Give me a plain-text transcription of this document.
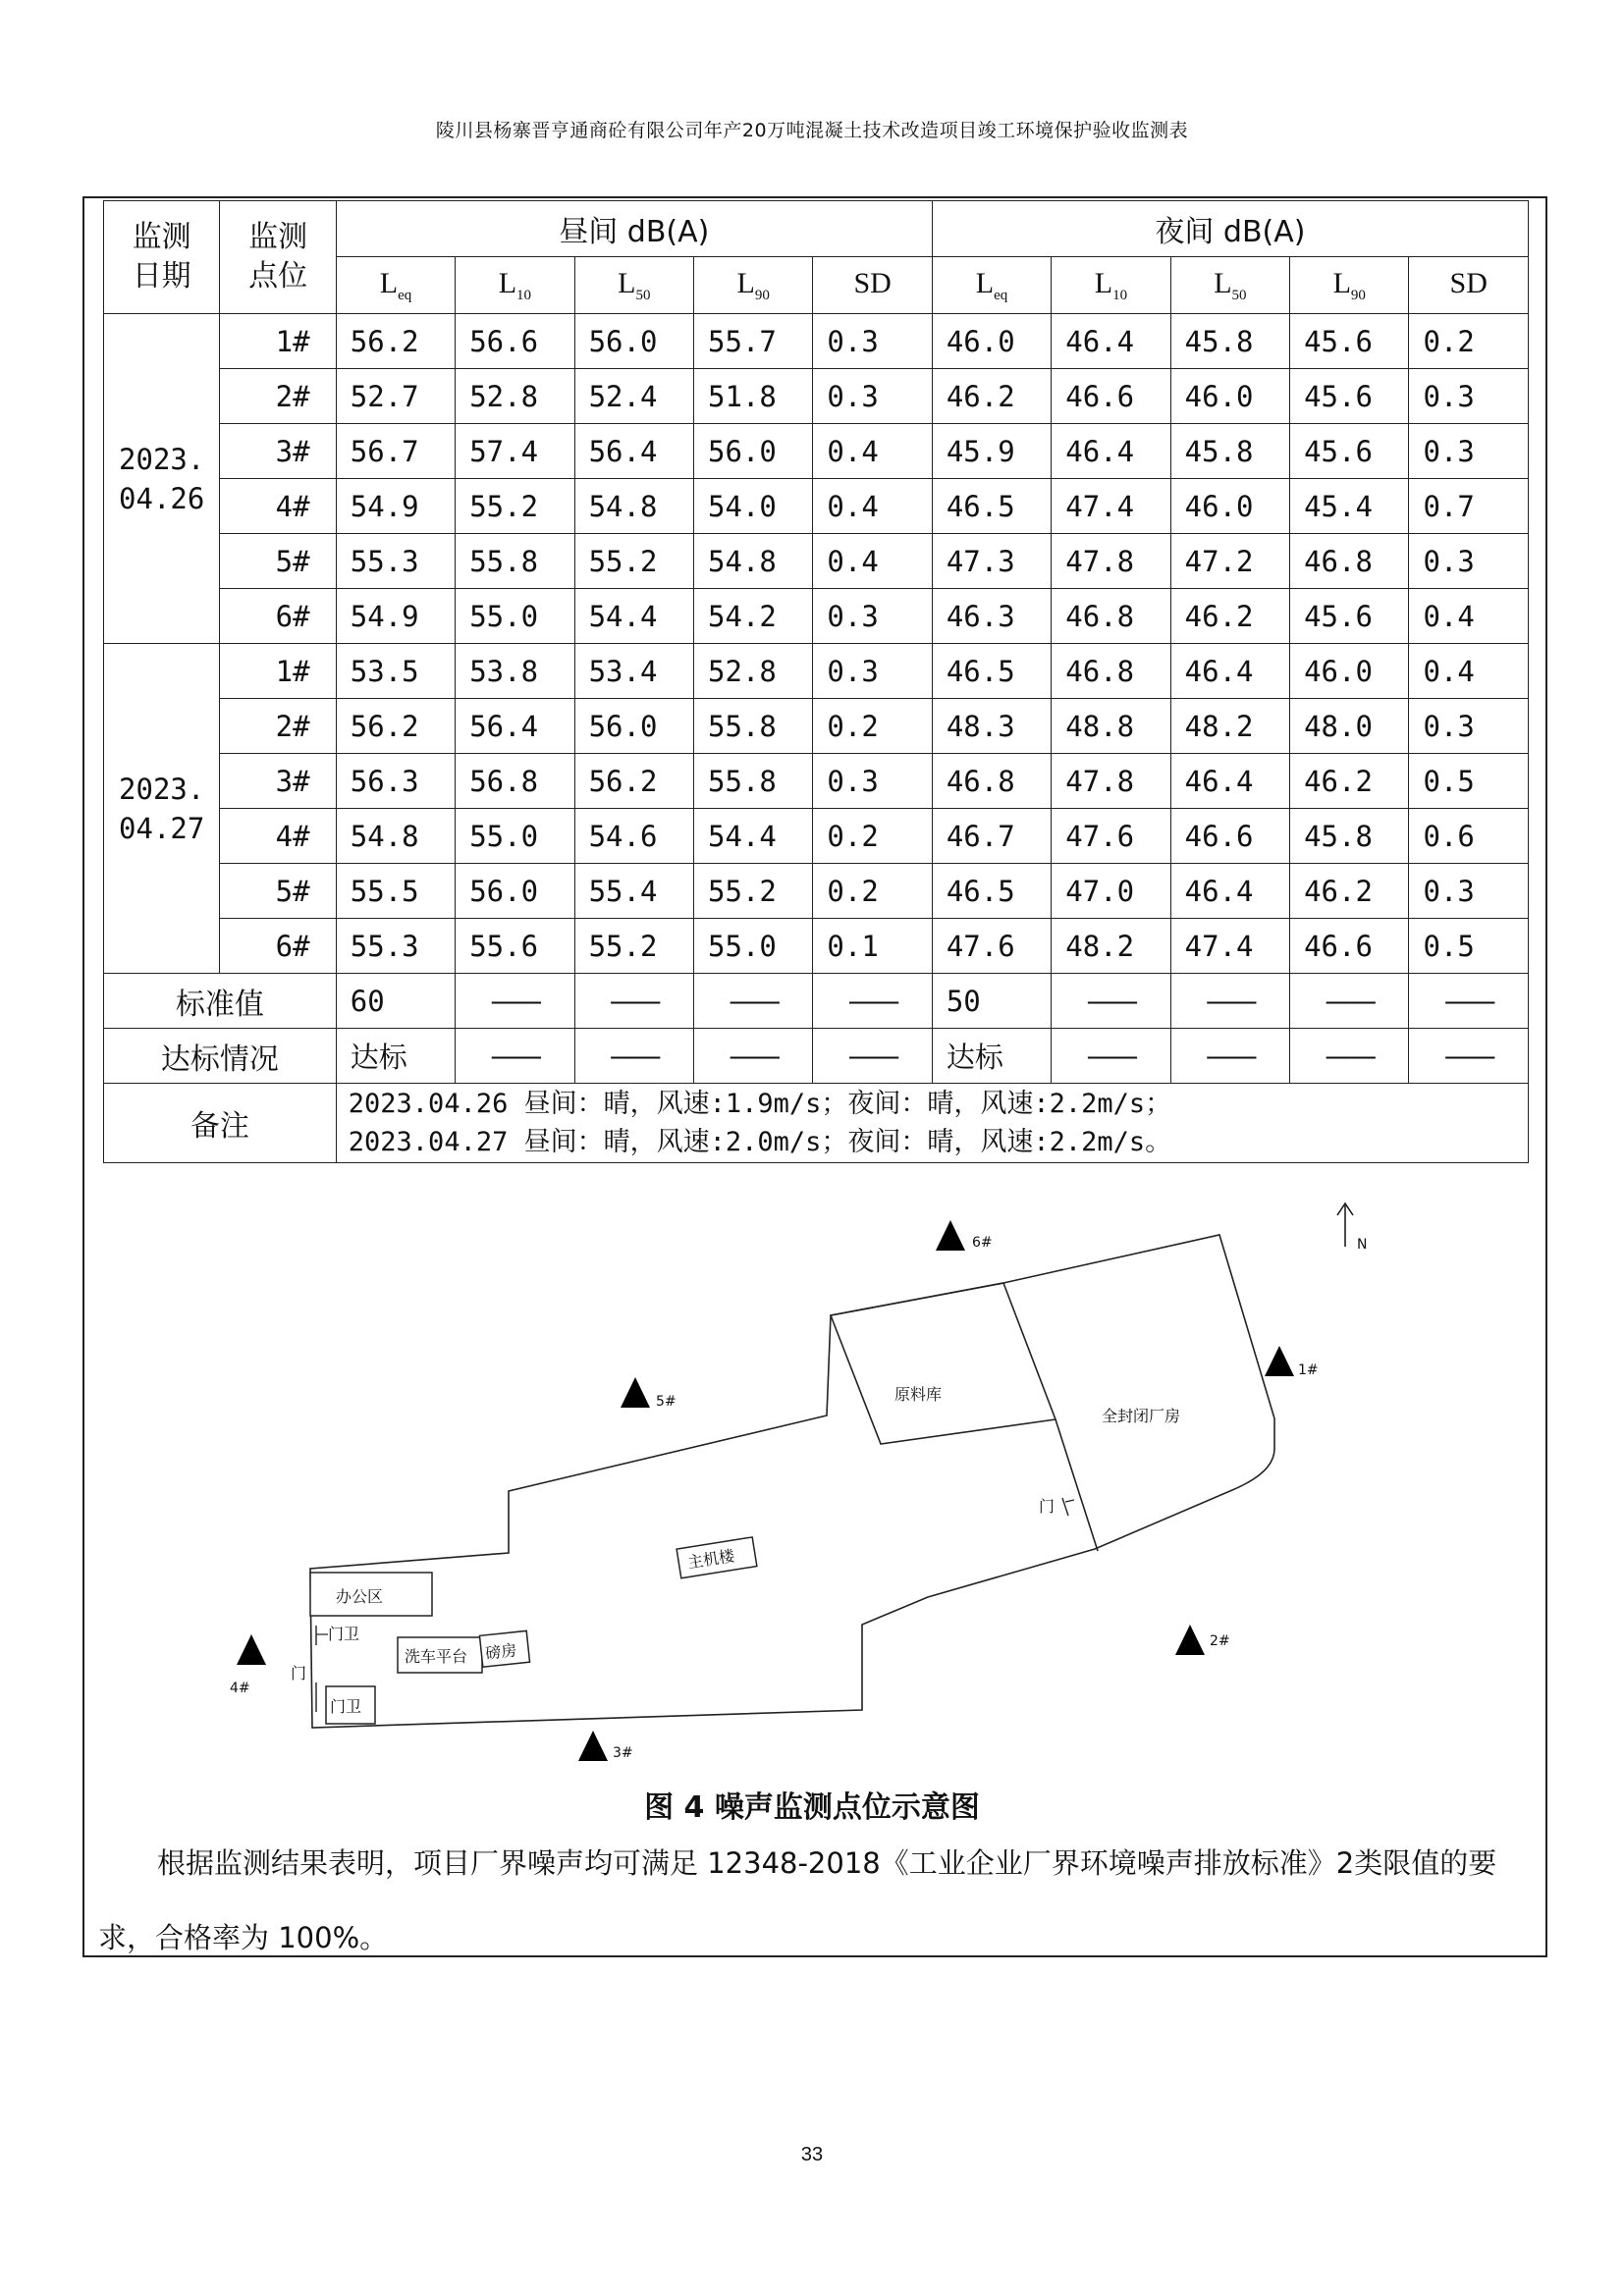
陵川县杨寨晋亨通商砼有限公司年产20万吨混凝土技术改造项目竣工环境保护验收监测表
监测
日期	监测
点位	昼间 dB(A)					夜间 dB(A)				
		$L_{eq}$	$L_{10}$	$L_{50}$	$L_{90}$	SD	$L_{eq}$	$L_{10}$	$L_{50}$	$L_{90}$	SD
2023.
04.26	1#	56.2	56.6	56.0	55.7	0.3	46.0	46.4	45.8	45.6	0.2
	2#	52.7	52.8	52.4	51.8	0.3	46.2	46.6	46.0	45.6	0.3
	3#	56.7	57.4	56.4	56.0	0.4	45.9	46.4	45.8	45.6	0.3
	4#	54.9	55.2	54.8	54.0	0.4	46.5	47.4	46.0	45.4	0.7
	5#	55.3	55.8	55.2	54.8	0.4	47.3	47.8	47.2	46.8	0.3
	6#	54.9	55.0	54.4	54.2	0.3	46.3	46.8	46.2	45.6	0.4
2023.
04.27	1#	53.5	53.8	53.4	52.8	0.3	46.5	46.8	46.4	46.0	0.4
	2#	56.2	56.4	56.0	55.8	0.2	48.3	48.8	48.2	48.0	0.3
	3#	56.3	56.8	56.2	55.8	0.3	46.8	47.8	46.4	46.2	0.5
	4#	54.8	55.0	54.6	54.4	0.2	46.7	47.6	46.6	45.8	0.6
	5#	55.5	56.0	55.4	55.2	0.2	46.5	47.0	46.4	46.2	0.3
	6#	55.3	55.6	55.2	55.0	0.1	47.6	48.2	47.4	46.6	0.5
标准值		60	——	——	——	——	50	——	——	——	——
达标情况		达标	——	——	——	——	达标	——	——	——	——
备注		2023.04.26 昼间：晴，风速:1.9m/s；夜间：晴，风速:2.2m/s；
2023.04.27 昼间：晴，风速:2.0m/s；夜间：晴，风速:2.2m/s。									
N
原料库
全封闭厂房
门
主机楼
办公区
门卫
门
门卫
洗车平台 磅房
1#
2#
3#
4#
5#
6#
图 4 噪声监测点位示意图
根据监测结果表明，项目厂界噪声均可满足 12348-2018《工业企业厂界环境噪声排放标准》2类限值的要求，合格率为 100%。
33
